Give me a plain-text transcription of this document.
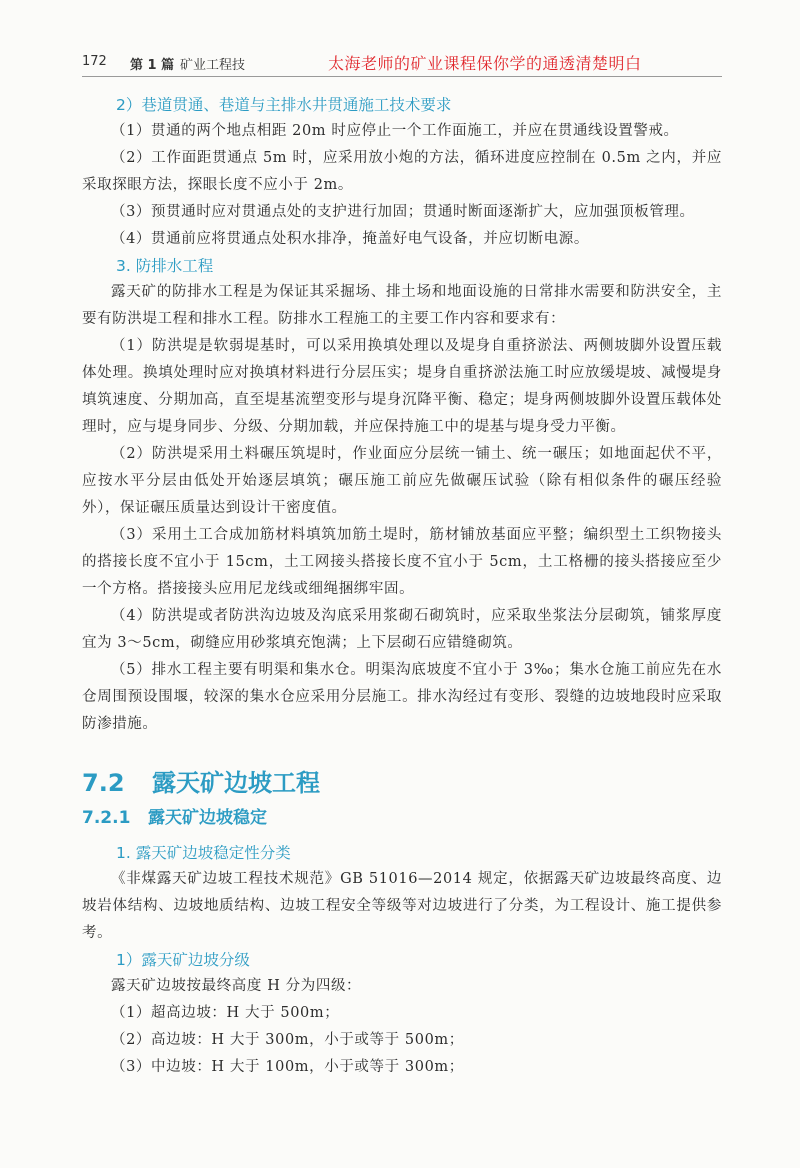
172 第 1 篇 矿业工程技	太海老师的矿业课程保你学的通透清楚明白
2）巷道贯通、巷道与主排水井贯通施工技术要求
（1）贯通的两个地点相距 20m 时应停止一个工作面施工，并应在贯通线设置警戒。
（2）工作面距贯通点 5m 时，应采用放小炮的方法，循环进度应控制在 0.5m 之内，并应采取探眼方法，探眼长度不应小于 2m。
（3）预贯通时应对贯通点处的支护进行加固；贯通时断面逐渐扩大，应加强顶板管理。
（4）贯通前应将贯通点处积水排净，掩盖好电气设备，并应切断电源。
3. 防排水工程
露天矿的防排水工程是为保证其采掘场、排土场和地面设施的日常排水需要和防洪安全，主要有防洪堤工程和排水工程。防排水工程施工的主要工作内容和要求有：
（1）防洪堤是软弱堤基时，可以采用换填处理以及堤身自重挤淤法、两侧坡脚外设置压载体处理。换填处理时应对换填材料进行分层压实；堤身自重挤淤法施工时应放缓堤坡、减慢堤身填筑速度、分期加高，直至堤基流塑变形与堤身沉降平衡、稳定；堤身两侧坡脚外设置压载体处理时，应与堤身同步、分级、分期加载，并应保持施工中的堤基与堤身受力平衡。
（2）防洪堤采用土料碾压筑堤时，作业面应分层统一铺土、统一碾压；如地面起伏不平，应按水平分层由低处开始逐层填筑；碾压施工前应先做碾压试验（除有相似条件的碾压经验外），保证碾压质量达到设计干密度值。
（3）采用土工合成加筋材料填筑加筋土堤时，筋材铺放基面应平整；编织型土工织物接头的搭接长度不宜小于 15cm，土工网接头搭接长度不宜小于 5cm，土工格栅的接头搭接应至少一个方格。搭接接头应用尼龙线或细绳捆绑牢固。
（4）防洪堤或者防洪沟边坡及沟底采用浆砌石砌筑时，应采取坐浆法分层砌筑，铺浆厚度宜为 3～5cm，砌缝应用砂浆填充饱满；上下层砌石应错缝砌筑。
（5）排水工程主要有明渠和集水仓。明渠沟底坡度不宜小于 3‰；集水仓施工前应先在水仓周围预设围堰，较深的集水仓应采用分层施工。排水沟经过有变形、裂缝的边坡地段时应采取防渗措施。
7.2 露天矿边坡工程
7.2.1 露天矿边坡稳定
1. 露天矿边坡稳定性分类
《非煤露天矿边坡工程技术规范》GB 51016—2014 规定，依据露天矿边坡最终高度、边坡岩体结构、边坡地质结构、边坡工程安全等级等对边坡进行了分类，为工程设计、施工提供参考。
1）露天矿边坡分级
露天矿边坡按最终高度 H 分为四级：
（1）超高边坡：H 大于 500m；
（2）高边坡：H 大于 300m，小于或等于 500m；
（3）中边坡：H 大于 100m，小于或等于 300m；
